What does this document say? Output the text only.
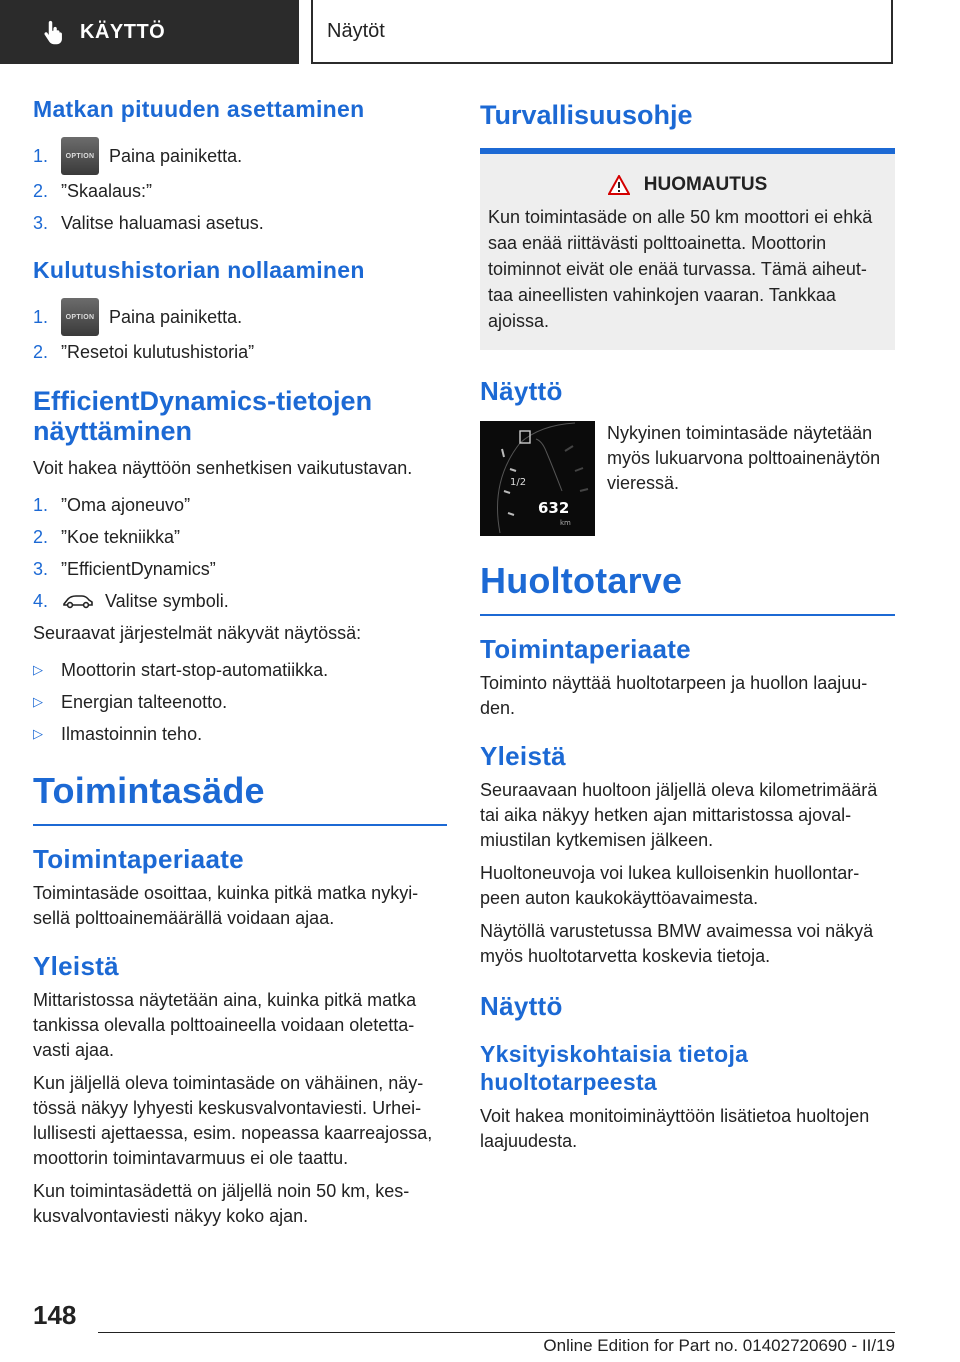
KÄYTTÖ	Näytöt
Matkan pituuden asettaminen
1.	OPTION Paina painiketta.
2. ”Skaalaus:”
3. Valitse haluamasi asetus.
Kulutushistorian nollaaminen
1.	OPTION Paina painiketta.
2. ”Resetoi kulutushistoria”
EfficientDynamics-tietojen näyttäminen

Voit hakea näyttöön senhetkisen vaikutustavan.

1. ”Oma ajoneuvo”
2. ”Koe tekniikka”
3. ”EfficientDynamics”
4.	Valitse symboli.

Seuraavat järjestelmät näkyvät näytössä:

▷	Moottorin start-stop-automatiikka.
▷	Energian talteenotto.
▷	Ilmastoinnin teho.
Toimintasäde
Toimintaperiaate

Toimintasäde osoittaa, kuinka pitkä matka nykyi-sellä polttoainemäärällä voidaan ajaa.

Yleistä

Mittaristossa näytetään aina, kuinka pitkä matka tankissa olevalla polttoaineella voidaan oletetta-vasti ajaa.

Kun jäljellä oleva toimintasäde on vähäinen, näy-tössä näkyy lyhyesti keskusvalvontaviesti. Urhei-lullisesti ajettaessa, esim. nopeassa kaarreajossa, moottorin toimintavarmuus ei ole taattu.

Kun toimintasädettä on jäljellä noin 50 km, kes-kusvalvontaviesti näkyy koko ajan.

Turvallisuusohje
HUOMAUTUS

Kun toimintasäde on alle 50 km moottori ei ehkä saa enää riittävästi polttoainetta. Moottorin toiminnot eivät ole enää turvassa. Tämä aiheut-taa aineellisten vahinkojen vaaran. Tankkaa ajoissa.

Näyttö
1/2
632
km

Nykyinen toimintasäde näytetään myös lukuarvona polttoainenäytön vieressä.

Huoltotarve
Toimintaperiaate

Toiminto näyttää huoltotarpeen ja huollon laajuu-den.

Yleistä

Seuraavaan huoltoon jäljellä oleva kilometrimäärä tai aika näkyy hetken ajan mittaristossa ajoval-miustilan kytkemisen jälkeen.

Huoltoneuvoja voi lukea kulloisenkin huollontar-peen auton kaukokäyttöavaimesta.

Näytöllä varustetussa BMW avaimessa voi näkyä myös huoltotarvetta koskevia tietoja.

Näyttö
Yksityiskohtaisia tietoja huoltotarpeesta

Voit hakea monitoiminäyttöön lisätietoa huoltojen laajuudesta.

148
Online Edition for Part no. 01402720690 - II/19
